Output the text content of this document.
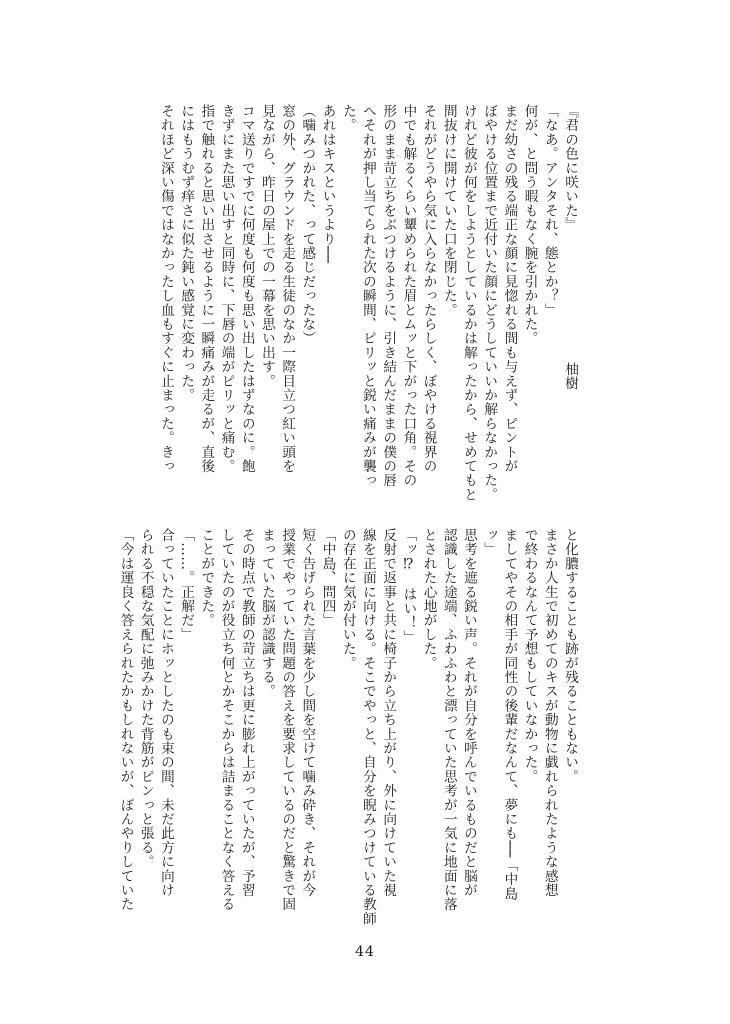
『君の色に咲いた』
柚樹
「なあ。アンタそれ、態とか？」
何が、と問う暇もなく腕を引かれた。
まだ幼さの残る端正な顔に見惚れる間も与えず、ピントが
ぼやける位置まで近付いた顔にどうしていいか解らなかった。
けれど彼が何をしようとしているかは解ったから、せめてもと
間抜けに開けていた口を閉じた。
それがどうやら気に入らなかったらしく、ぼやける視界の
中でも解るくらい顰められた眉とムッと下がった口角。その
形のまま苛立ちをぶつけるように、引き結んだままの僕の唇
へそれが押し当てられた次の瞬間、ピリッと鋭い痛みが襲っ
た。
あれはキスというより──
（噛みつかれた、って感じだったな）
窓の外、グラウンドを走る生徒のなか一際目立つ紅い頭を
見ながら、昨日の屋上での一幕を思い出す。
コマ送りですでに何度も何度も思い出したはずなのに。飽
きずにまた思い出すと同時に、下唇の端がピリッと痛む。
指で触れると思い出させるように一瞬痛みが走るが、直後
にはもうむず痒さに似た鈍い感覚に変わった。
それほど深い傷ではなかったし血もすぐに止まった。きっ
と化膿することも跡が残ることもない。
まさか人生で初めてのキスが動物に戯れられたような感想
で終わるなんて予想もしていなかった。
ましてやその相手が同性の後輩だなんて、夢にも──「中島
ッ」
思考を遮る鋭い声。それが自分を呼んでいるものだと脳が
認識した途端、ふわふわと漂っていた思考が一気に地面に落
とされた心地がした。
「ッ⁉　はい！」
反射で返事と共に椅子から立ち上がり、外に向けていた視
線を正面に向ける。そこでやっと、自分を睨みつけている教師
の存在に気が付いた。
「中島、問四」
短く告げられた言葉を少し間を空けて噛み砕き、それが今
授業でやっていた問題の答えを要求しているのだと驚きで固
まっていた脳が認識する。
その時点で教師の苛立ちは更に膨れ上がっていたが、予習
していたのが役立ち何とかそこからは詰まることなく答える
ことができた。
「……。正解だ」
合っていたことにホッとしたのも束の間、未だ此方に向け
られる不穏な気配に弛みかけた背筋がピンっと張る。
「今は運良く答えられたかもしれないが、ぼんやりしていた
44
